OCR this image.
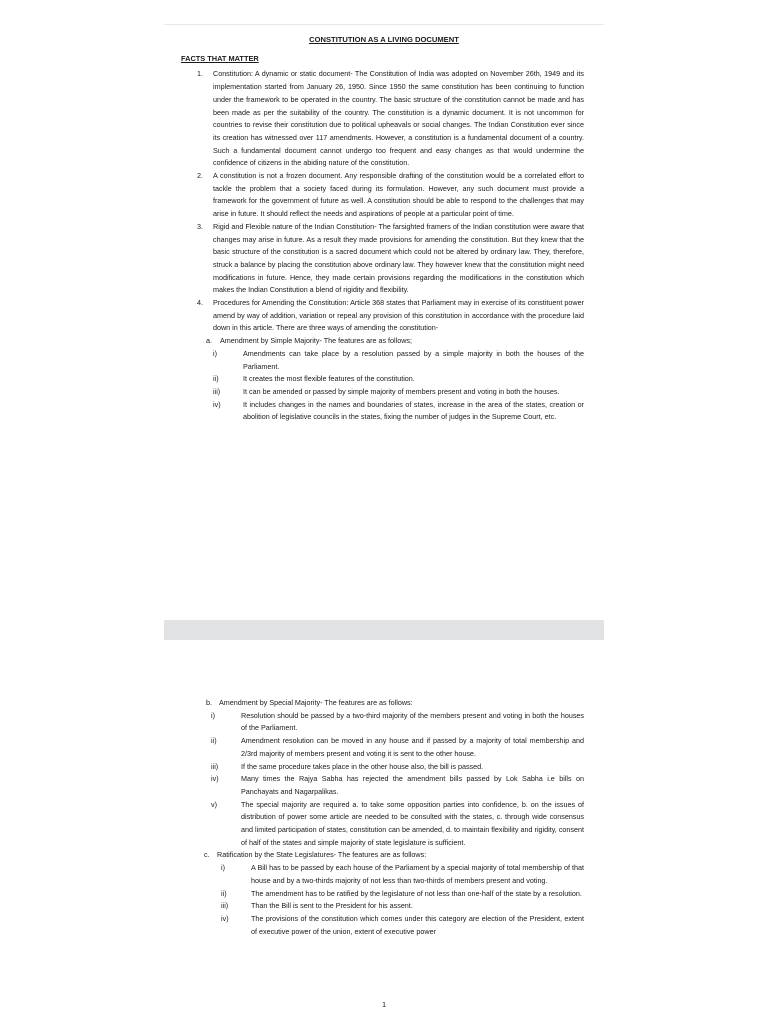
CONSTITUTION AS A LIVING DOCUMENT
FACTS THAT MATTER
1. Constitution: A dynamic or static document- The Constitution of India was adopted on November 26th, 1949 and its implementation started from January 26, 1950. Since 1950 the same constitution has been continuing to function under the framework to be operated in the country. The basic structure of the constitution cannot be made and has been made as per the suitability of the country. The constitution is a dynamic document. It is not uncommon for countries to revise their constitution due to political upheavals or social changes. The Indian Constitution ever since its creation has witnessed over 117 amendments. However, a constitution is a fundamental document of a country. Such a fundamental document cannot undergo too frequent and easy changes as that would undermine the confidence of citizens in the abiding nature of the constitution.
2. A constitution is not a frozen document. Any responsible drafting of the constitution would be a correlated effort to tackle the problem that a society faced during its formulation. However, any such document must provide a framework for the government of future as well. A constitution should be able to respond to the challenges that may arise in future. It should reflect the needs and aspirations of people at a particular point of time.
3. Rigid and Flexible nature of the Indian Constitution- The farsighted framers of the Indian constitution were aware that changes may arise in future. As a result they made provisions for amending the constitution. But they knew that the basic structure of the constitution is a sacred document which could not be altered by ordinary law. They, therefore, struck a balance by placing the constitution above ordinary law. They however knew that the constitution might need modifications in future. Hence, they made certain provisions regarding the modifications in the constitution which makes the Indian Constitution a blend of rigidity and flexibility.
4. Procedures for Amending the Constitution: Article 368 states that Parliament may in exercise of its constituent power amend by way of addition, variation or repeal any provision of this constitution in accordance with the procedure laid down in this article. There are three ways of amending the constitution-
a. Amendment by Simple Majority- The features are as follows;
i)	Amendments can take place by a resolution passed by a simple majority in both the houses of the Parliament.
ii)	It creates the most flexible features of the constitution.
iii)	It can be amended or passed by simple majority of members present and voting in both the houses.
iv)	It includes changes in the names and boundaries of states, increase in the area of the states, creation or abolition of legislative councils in the states, fixing the number of judges in the Supreme Court, etc.
b. Amendment by Special Majority- The features are as follows:
i)	Resolution should be passed by a two-third majority of the members present and voting in both the houses of the Parliament.
ii)	Amendment resolution can be moved in any house and if passed by a majority of total membership and 2/3rd majority of members present and voting it is sent to the other house.
iii)	If the same procedure takes place in the other house also, the bill is passed.
iv)	Many times the Rajya Sabha has rejected the amendment bills passed by Lok Sabha i.e bills on Panchayats and Nagarpalikas.
v)	The special majority are required a. to take some opposition parties into confidence, b. on the issues of distribution of power some article are needed to be consulted with the states, c. through wide consensus and limited participation of states, constitution can be amended, d. to maintain flexibility and rigidity, consent of half of the states and simple majority of state legislature is sufficient.
c. Ratification by the State Legislatures- The features are as follows:
i)	A Bill has to be passed by each house of the Parliament by a special majority of total membership of that house and by a two-thirds majority of not less than two-thirds of members present and voting.
ii)	The amendment has to be ratified by the legislature of not less than one-half of the state by a resolution.
iii)	Than the Bill is sent to the President for his assent.
iv)	The provisions of the constitution which comes under this category are election of the President, extent of executive power of the union, extent of executive power
1
